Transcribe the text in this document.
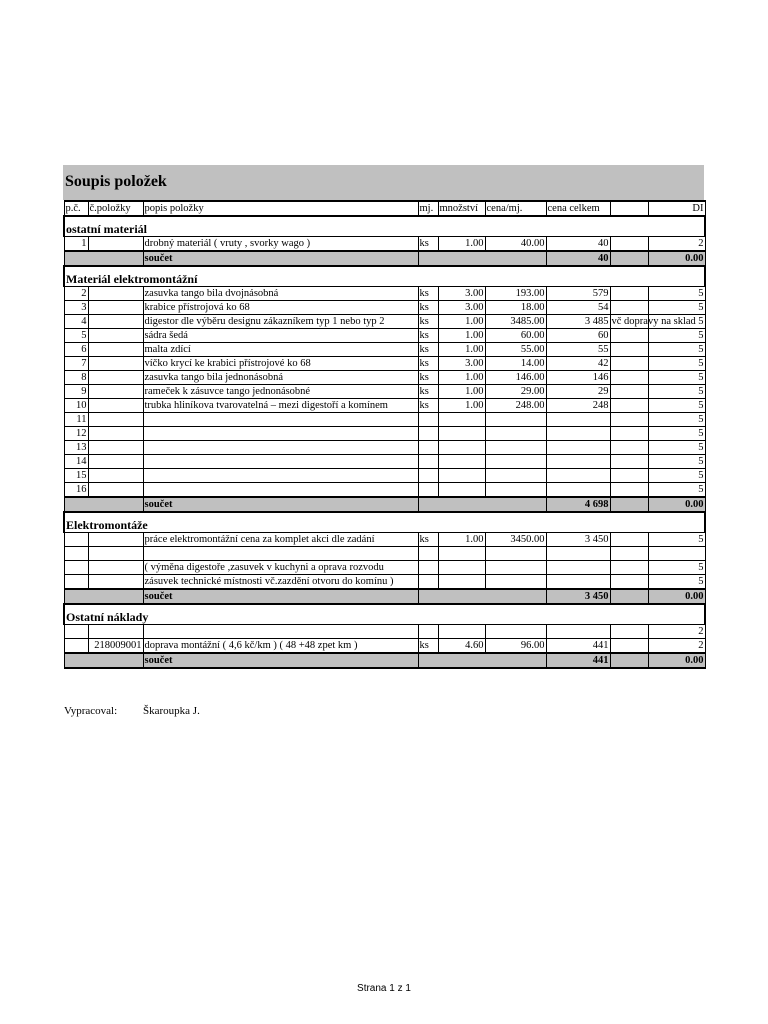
Soupis položek
p.č.	č.položky	popis položky	mj.	množství	cena/mj.	cena celkem		DI
ostatní materiál								
1		drobný materiál ( vruty , svorky wago )	ks	1.00	40.00	40		2
		součet				40		0.00
Materiál elektromontážní								
2		zasuvka tango bila dvojnásobná	ks	3.00	193.00	579		5
3		krabice přístrojová ko 68	ks	3.00	18.00	54		5
4		digestor dle výběru designu zákazníkem typ 1 nebo typ 2	ks	1.00	3485.00	3 485	vč dopravy na sklad	5
5		sádra šedá	ks	1.00	60.00	60		5
6		malta zdící	ks	1.00	55.00	55		5
7		víčko krycí ke krabici přístrojové ko 68	ks	3.00	14.00	42		5
8		zasuvka tango bila jednonásobná	ks	1.00	146.00	146		5
9		rameček k zásuvce tango jednonásobné	ks	1.00	29.00	29		5
10		trubka hliníkova tvarovatelná – mezi digestoří a komínem	ks	1.00	248.00	248		5
11								5
12								5
13								5
14								5
15								5
16								5
		součet				4 698		0.00
Elektromontáže								
		práce elektromontážní cena za komplet akci dle zadání	ks	1.00	3450.00	3 450		5

		( výměna digestoře ,zasuvek v kuchyni a oprava rozvodu						5
		zásuvek technické místnosti vč.zazdění otvoru do komínu )						5
		součet				3 450		0.00
Ostatní náklady								
								2
	218009001	doprava montážní ( 4,6 kč/km ) ( 48 +48 zpet km )	ks	4.60	96.00	441		2
		součet				441		0.00
Vypracoval: Škaroupka J.
Strana 1 z 1
